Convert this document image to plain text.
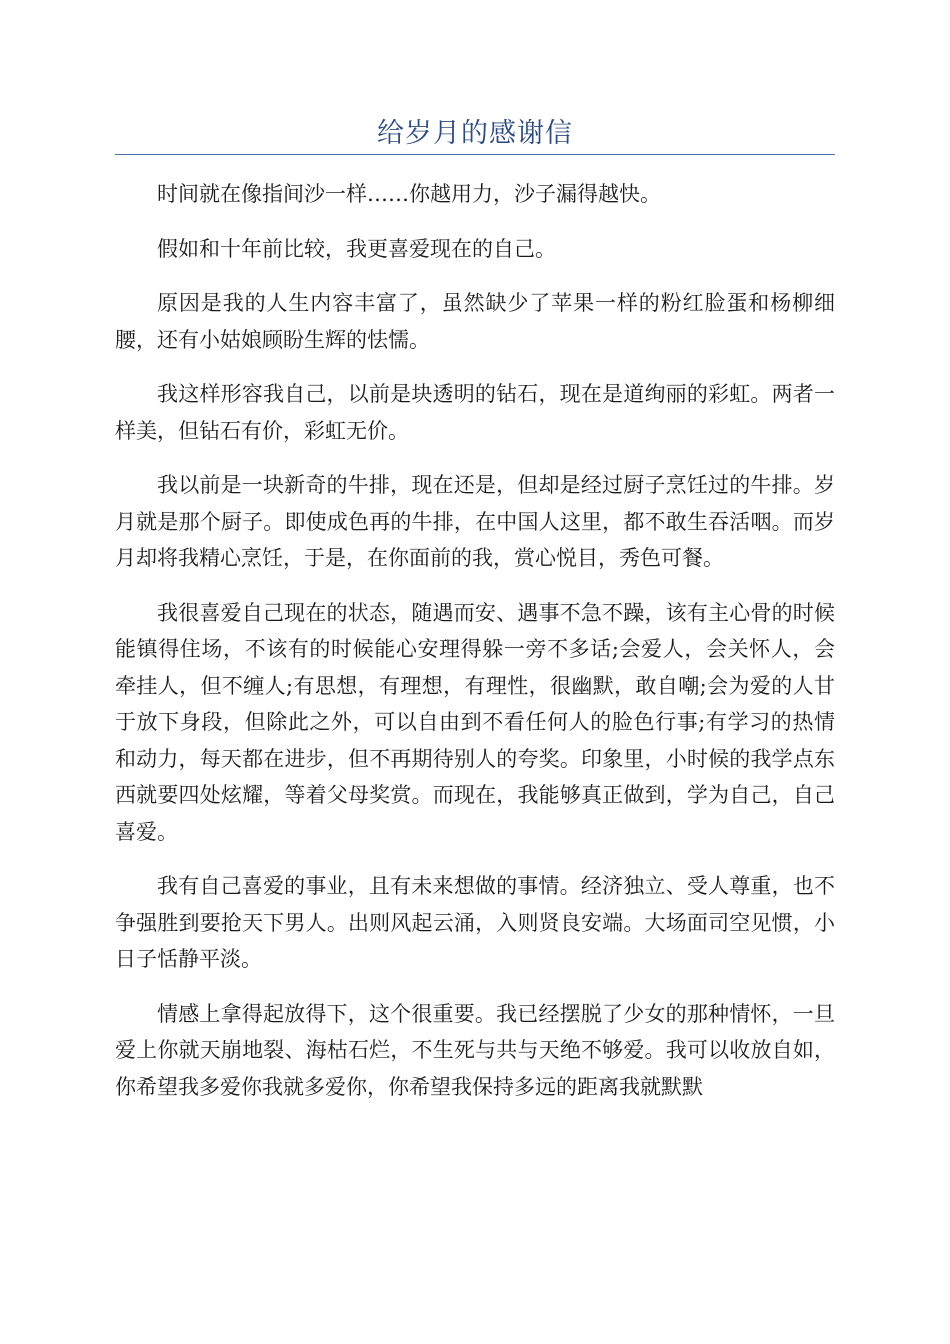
给岁月的感谢信

时间就在像指间沙一样……你越用力，沙子漏得越快。

假如和十年前比较，我更喜爱现在的自己。

原因是我的人生内容丰富了，虽然缺少了苹果一样的粉红脸蛋和杨柳细腰，还有小姑娘顾盼生辉的怯懦。

我这样形容我自己，以前是块透明的钻石，现在是道绚丽的彩虹。两者一样美，但钻石有价，彩虹无价。

我以前是一块新奇的牛排，现在还是，但却是经过厨子烹饪过的牛排。岁月就是那个厨子。即使成色再的牛排，在中国人这里，都不敢生吞活咽。而岁月却将我精心烹饪，于是，在你面前的我，赏心悦目，秀色可餐。

我很喜爱自己现在的状态，随遇而安、遇事不急不躁，该有主心骨的时候能镇得住场，不该有的时候能心安理得躲一旁不多话;会爱人，会关怀人，会牵挂人，但不缠人;有思想，有理想，有理性，很幽默，敢自嘲;会为爱的人甘于放下身段，但除此之外，可以自由到不看任何人的脸色行事;有学习的热情和动力，每天都在进步，但不再期待别人的夸奖。印象里，小时候的我学点东西就要四处炫耀，等着父母奖赏。而现在，我能够真正做到，学为自己，自己喜爱。

我有自己喜爱的事业，且有未来想做的事情。经济独立、受人尊重，也不争强胜到要抢天下男人。出则风起云涌，入则贤良安端。大场面司空见惯，小日子恬静平淡。

情感上拿得起放得下，这个很重要。我已经摆脱了少女的那种情怀，一旦爱上你就天崩地裂、海枯石烂，不生死与共与天绝不够爱。我可以收放自如，你希望我多爱你我就多爱你，你希望我保持多远的距离我就默默
